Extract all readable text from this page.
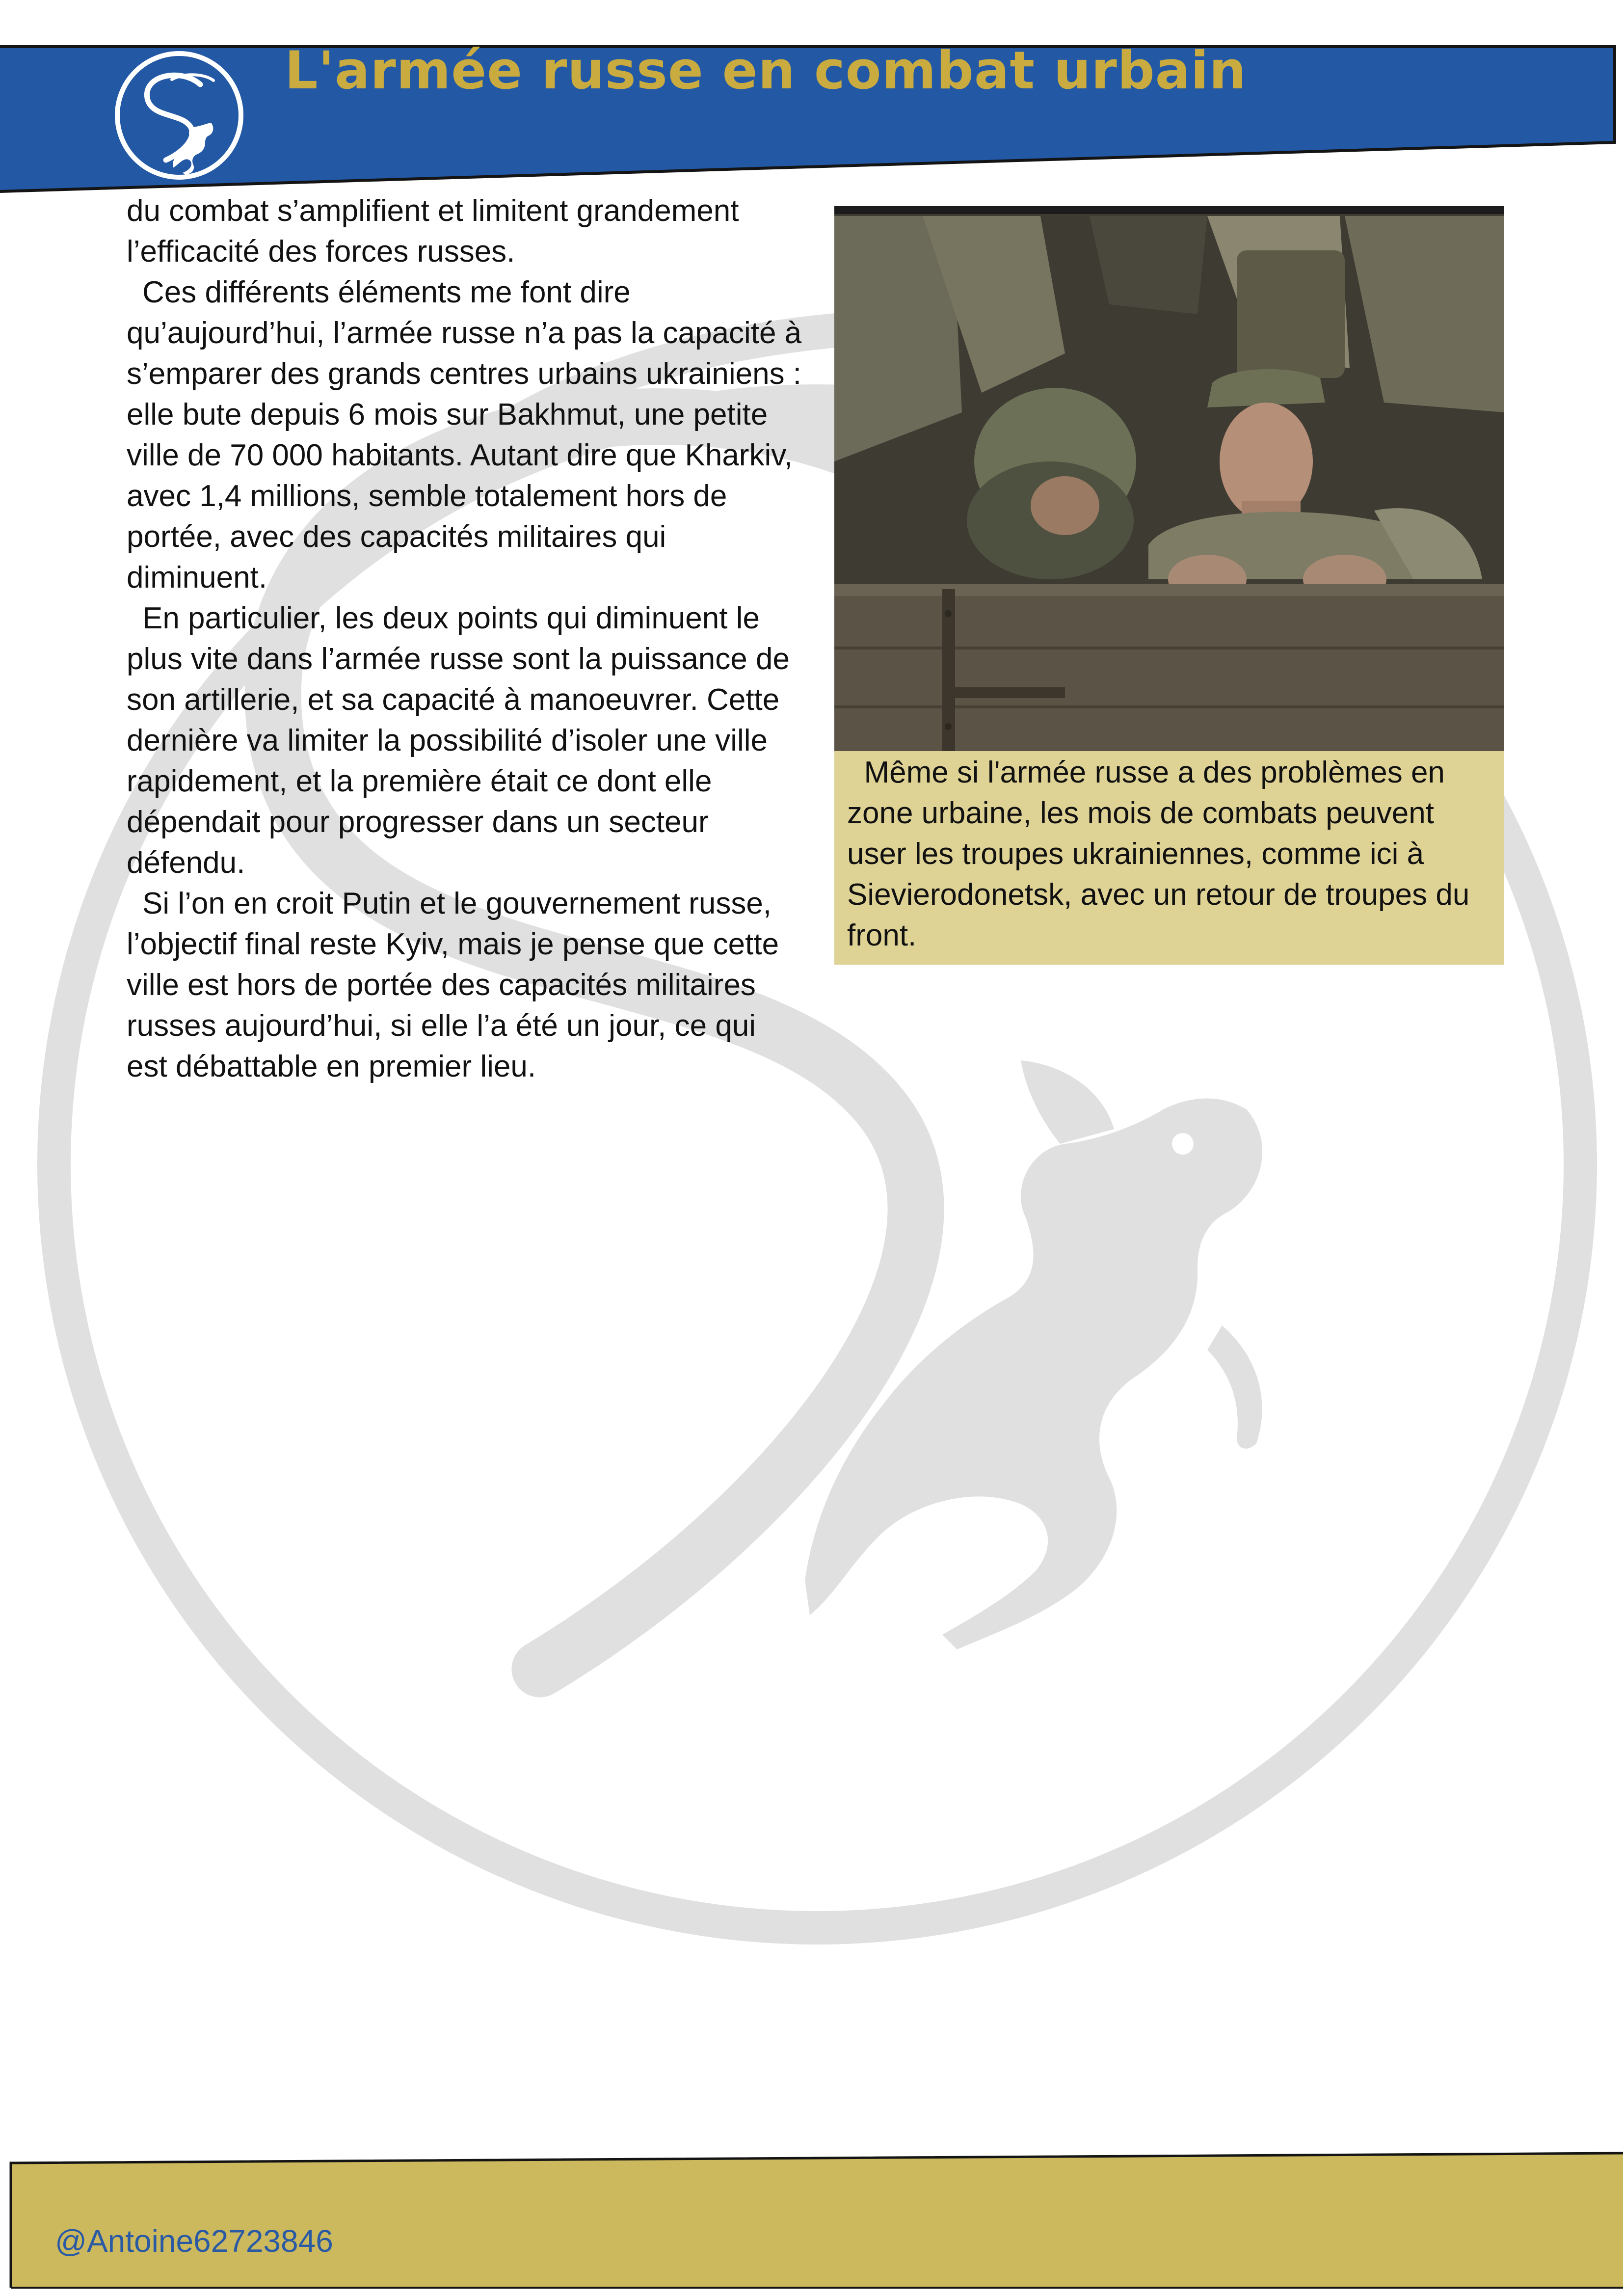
L'armée russe en combat urbain

du combat s’amplifient et limitent grandement l’efficacité des forces russes.

Ces différents éléments me font dire qu’aujourd’hui, l’armée russe n’a pas la capacité à s’emparer des grands centres urbains ukrainiens : elle bute depuis 6 mois sur Bakhmut, une petite ville de 70 000 habitants. Autant dire que Kharkiv, avec 1,4 millions, semble totalement hors de portée, avec des capacités militaires qui diminuent.

En particulier, les deux points qui diminuent le plus vite dans l’armée russe sont la puissance de son artillerie, et sa capacité à manoeuvrer. Cette dernière va limiter la possibilité d’isoler une ville rapidement, et la première était ce dont elle dépendait pour progresser dans un secteur défendu.

Si l’on en croit Putin et le gouvernement russe, l’objectif final reste Kyiv, mais je pense que cette ville est hors de portée des capacités militaires russes aujourd’hui, si elle l’a été un jour, ce qui est débattable en premier lieu.

Même si l'armée russe a des problèmes en zone urbaine, les mois de combats peuvent user les troupes ukrainiennes, comme ici à Sievierodonetsk, avec un retour de troupes du front.

@Antoine62723846
